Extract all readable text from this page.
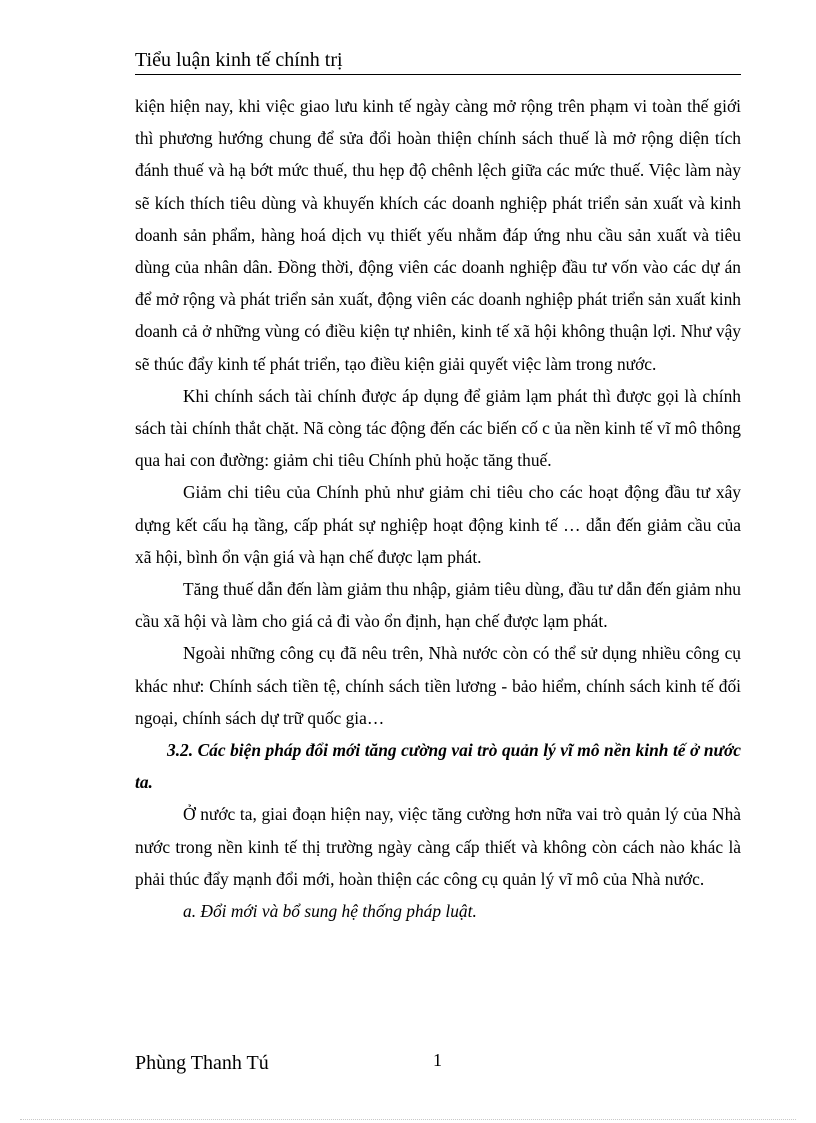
Tiểu luận kinh tế chính trị

kiện hiện nay, khi việc giao lưu kinh tế ngày càng mở rộng trên phạm vi toàn thế giới thì phương hướng chung để sửa đổi hoàn thiện chính sách thuế là mở rộng diện tích đánh thuế và hạ bớt mức thuế, thu hẹp độ chênh lệch giữa các mức thuế. Việc làm này sẽ kích thích tiêu dùng và khuyến khích các doanh nghiệp phát triển sản xuất và kinh doanh sản phẩm, hàng hoá dịch vụ thiết yếu nhằm đáp ứng nhu cầu sản xuất và tiêu dùng của nhân dân. Đồng thời, động viên các doanh nghiệp đầu tư vốn vào các dự án để mở rộng và phát triển sản xuất, động viên các doanh nghiệp phát triển sản xuất kinh doanh cả ở những vùng có điều kiện tự nhiên, kinh tế xã hội không thuận lợi. Như vậy sẽ thúc đẩy kinh tế phát triển, tạo điều kiện giải quyết việc làm trong nước.

Khi chính sách tài chính được áp dụng để giảm lạm phát thì được gọi là chính sách tài chính thắt chặt. Nã còng tác động đến các biến cố c ủa nền kinh tế vĩ mô thông qua hai con đường: giảm chi tiêu Chính phủ hoặc tăng thuế.

Giảm chi tiêu của Chính phủ như giảm chi tiêu cho các hoạt động đầu tư xây dựng kết cấu hạ tầng, cấp phát sự nghiệp hoạt động kinh tế … dẫn đến giảm cầu của xã hội, bình ổn vận giá và hạn chế được lạm phát.

Tăng thuế dẫn đến làm giảm thu nhập, giảm tiêu dùng, đầu tư dẫn đến giảm nhu cầu xã hội và làm cho giá cả đi vào ổn định, hạn chế được lạm phát.

Ngoài những công cụ đã nêu trên, Nhà nước còn có thể sử dụng nhiều công cụ khác như: Chính sách tiền tệ, chính sách tiền lương - bảo hiểm, chính sách kinh tế đối ngoại, chính sách dự trữ quốc gia…

3.2. Các biện pháp đổi mới tăng cường vai trò quản lý vĩ mô nền kinh tế ở nước ta.

Ở nước ta, giai đoạn hiện nay, việc tăng cường hơn nữa vai trò quản lý của Nhà nước trong nền kinh tế thị trường ngày càng cấp thiết và không còn cách nào khác là phải thúc đẩy mạnh đổi mới, hoàn thiện các công cụ quản lý vĩ mô của Nhà nước.

a. Đổi mới và bổ sung hệ thống pháp luật.

Phùng Thanh Tú	1
